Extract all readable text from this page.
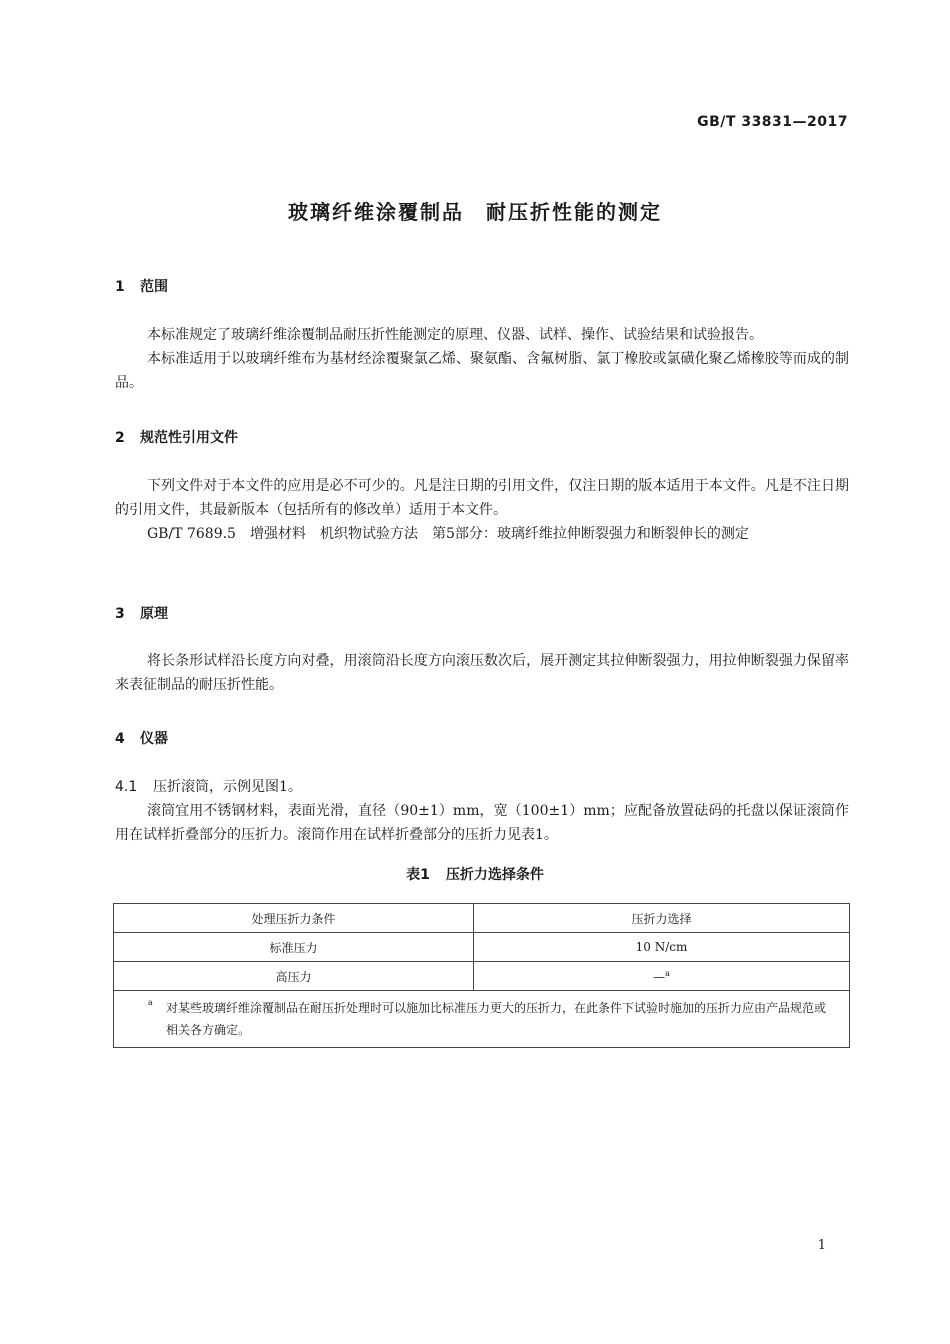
GB/T 33831—2017
玻璃纤维涂覆制品　耐压折性能的测定
1 范围
本标准规定了玻璃纤维涂覆制品耐压折性能测定的原理、仪器、试样、操作、试验结果和试验报告。
本标准适用于以玻璃纤维布为基材经涂覆聚氯乙烯、聚氨酯、含氟树脂、氯丁橡胶或氯磺化聚乙烯橡胶等而成的制品。
2 规范性引用文件
下列文件对于本文件的应用是必不可少的。凡是注日期的引用文件，仅注日期的版本适用于本文件。凡是不注日期的引用文件，其最新版本（包括所有的修改单）适用于本文件。
GB/T 7689.5　增强材料　机织物试验方法　第5部分：玻璃纤维拉伸断裂强力和断裂伸长的测定
3 原理
将长条形试样沿长度方向对叠，用滚筒沿长度方向滚压数次后，展开测定其拉伸断裂强力，用拉伸断裂强力保留率来表征制品的耐压折性能。
4 仪器
4.1 压折滚筒，示例见图1。
滚筒宜用不锈钢材料，表面光滑，直径（90±1）mm，宽（100±1）mm；应配备放置砝码的托盘以保证滚筒作用在试样折叠部分的压折力。滚筒作用在试样折叠部分的压折力见表1。
表1 压折力选择条件
处理压折力条件	压折力选择
标准压力	10 N/cm
高压力	—$^a$

a 对某些玻璃纤维涂覆制品在耐压折处理时可以施加比标准压力更大的压折力，在此条件下试验时施加的压折力应由产品规范或相关各方确定。	
1
